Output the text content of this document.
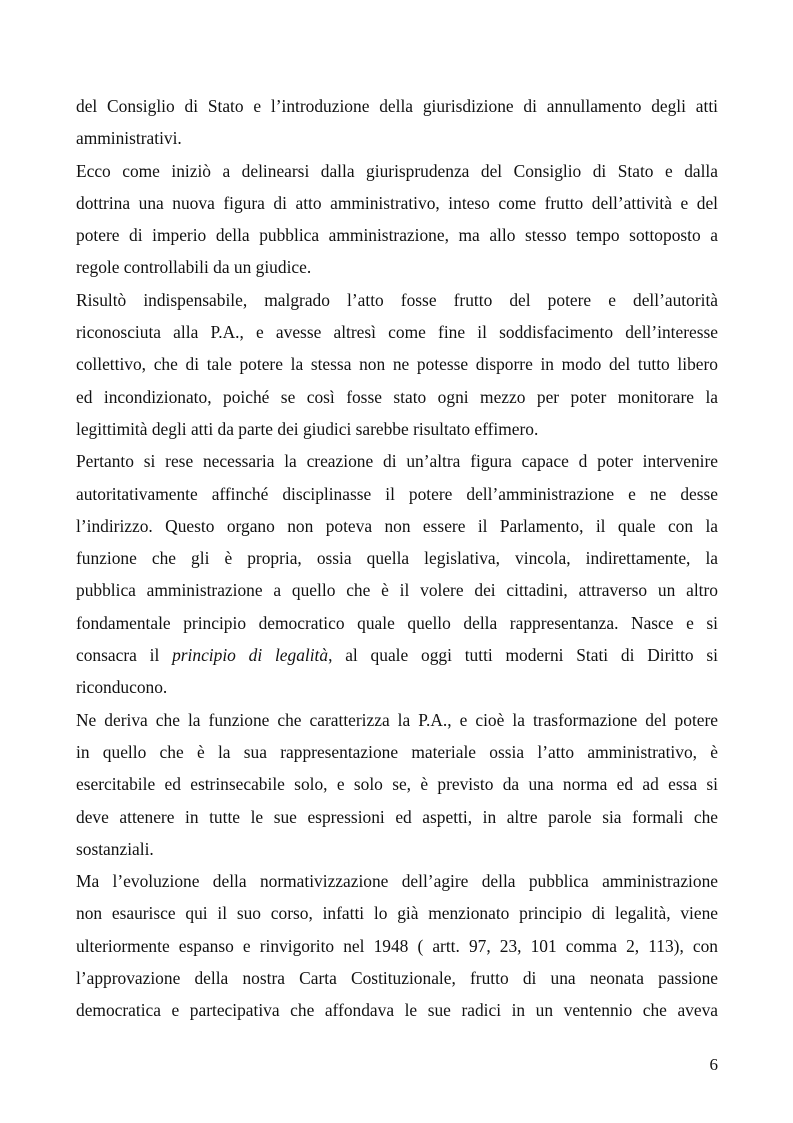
del Consiglio di Stato e l’introduzione della giurisdizione di annullamento degli atti
amministrativi.
Ecco come iniziò a delinearsi dalla giurisprudenza del Consiglio di Stato e dalla
dottrina una nuova figura di atto amministrativo, inteso come frutto dell’attività e del
potere di imperio della pubblica amministrazione, ma allo stesso tempo sottoposto a
regole controllabili da un giudice.
Risultò indispensabile, malgrado l’atto fosse frutto del potere e dell’autorità
riconosciuta alla P.A., e avesse altresì come fine il soddisfacimento dell’interesse
collettivo, che di tale potere la stessa non ne potesse disporre in modo del tutto libero
ed incondizionato, poiché se così fosse stato ogni mezzo per poter monitorare la
legittimità degli atti da parte dei giudici sarebbe risultato effimero.
Pertanto si rese necessaria la creazione di un’altra figura capace d poter intervenire
autoritativamente affinché disciplinasse il potere dell’amministrazione e ne desse
l’indirizzo. Questo organo non poteva non essere il Parlamento, il quale con la
funzione che gli è propria, ossia quella legislativa, vincola, indirettamente, la
pubblica amministrazione a quello che è il volere dei cittadini, attraverso un altro
fondamentale principio democratico quale quello della rappresentanza. Nasce e si
consacra il principio di legalità, al quale oggi tutti moderni Stati di Diritto si
riconducono.
Ne deriva che la funzione che caratterizza la P.A., e cioè la trasformazione del potere
in quello che è la sua rappresentazione materiale ossia l’atto amministrativo, è
esercitabile ed estrinsecabile solo, e solo se, è previsto da una norma ed ad essa si
deve attenere in tutte le sue espressioni ed aspetti, in altre parole sia formali che
sostanziali.
Ma l’evoluzione della normativizzazione dell’agire della pubblica amministrazione
non esaurisce qui il suo corso, infatti lo già menzionato principio di legalità, viene
ulteriormente espanso e rinvigorito nel 1948 ( artt. 97, 23, 101 comma 2, 113), con
l’approvazione della nostra Carta Costituzionale, frutto di una neonata passione
democratica e partecipativa che affondava le sue radici in un ventennio che aveva
6
